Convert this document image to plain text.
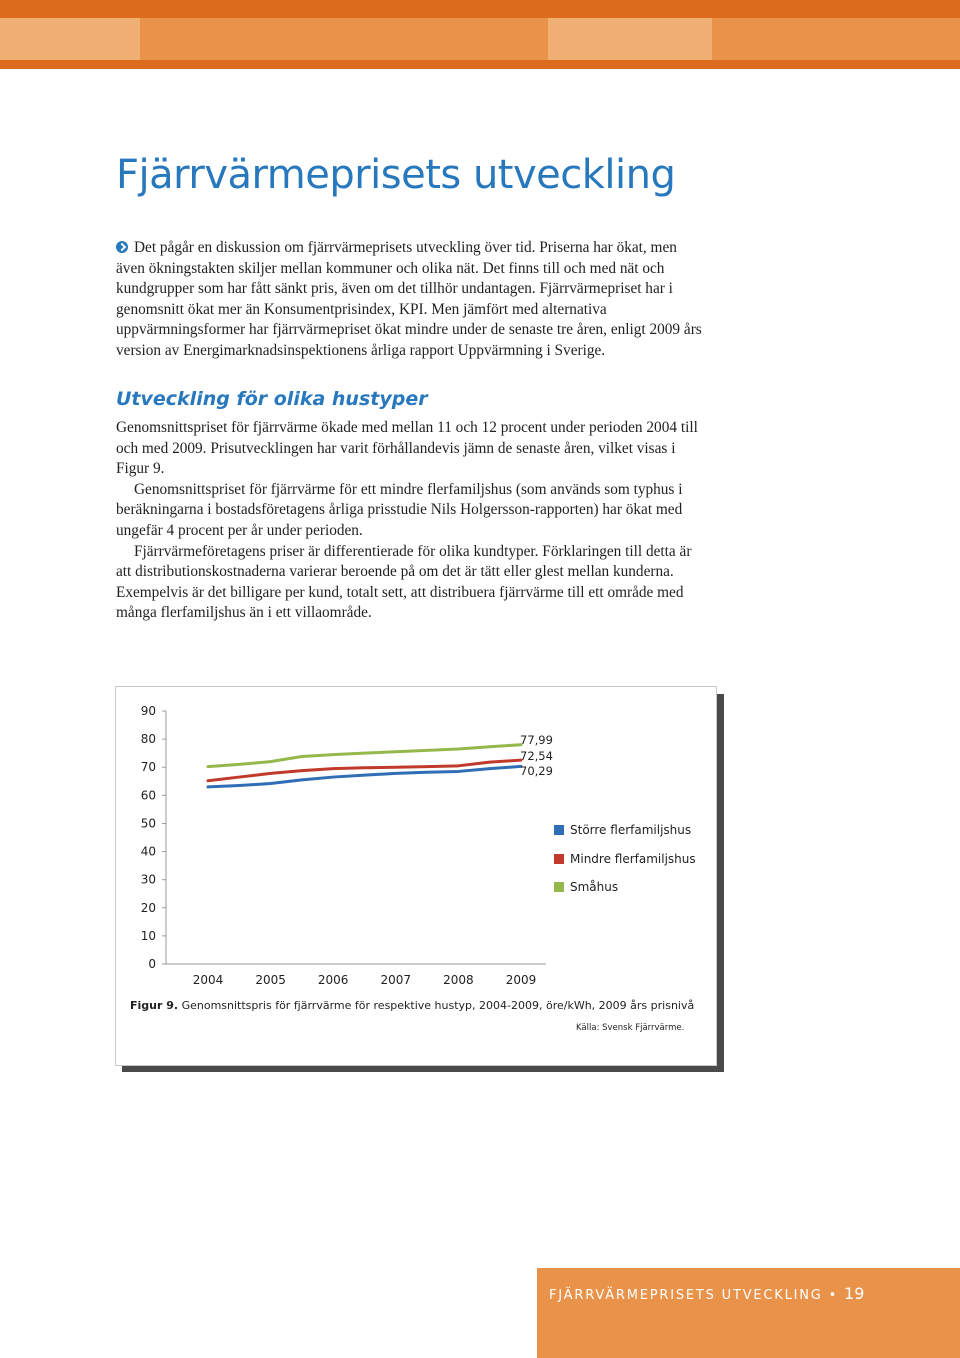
Fjärrvärmeprisets utveckling

Det pågår en diskussion om fjärrvärmeprisets utveckling över tid. Priserna har ökat, men även ökningstakten skiljer mellan kommuner och olika nät. Det finns till och med nät och kundgrupper som har fått sänkt pris, även om det tillhör undantagen. Fjärrvärmepriset har i genomsnitt ökat mer än Konsumentprisindex, KPI. Men jämfört med alternativa uppvärmningsformer har fjärrvärmepriset ökat mindre under de senaste tre åren, enligt 2009 års version av Energimarknadsinspektionens årliga rapport Uppvärmning i Sverige.

Utveckling för olika hustyper

Genomsnittspriset för fjärrvärme ökade med mellan 11 och 12 procent under perioden 2004 till och med 2009. Prisutvecklingen har varit förhållandevis jämn de senaste åren, vilket visas i Figur 9.

Genomsnittspriset för fjärrvärme för ett mindre flerfamiljshus (som används som typhus i beräkningarna i bostadsföretagens årliga prisstudie Nils Holgersson-rapporten) har ökat med ungefär 4 procent per år under perioden.

Fjärrvärmeföretagens priser är differentierade för olika kundtyper. Förklaringen till detta är att distributionskostnaderna varierar beroende på om det är tätt eller glest mellan kunderna. Exempelvis är det billigare per kund, totalt sett, att distribuera fjärrvärme till ett område med många flerfamiljshus än i ett villaområde.

0
10
20
30
40
50
60
70
80
90
2004	2005	2006	2007	2008	2009
77,99
72,54
70,29
Större flerfamiljshus
Mindre flerfamiljshus
Småhus
Figur 9. Genomsnittspris för fjärrvärme för respektive hustyp, 2004-2009, öre/kWh, 2009 års prisnivå
Källa: Svensk Fjärrvärme.
FJÄRRVÄRMEPRISETS UTVECKLING • 19
